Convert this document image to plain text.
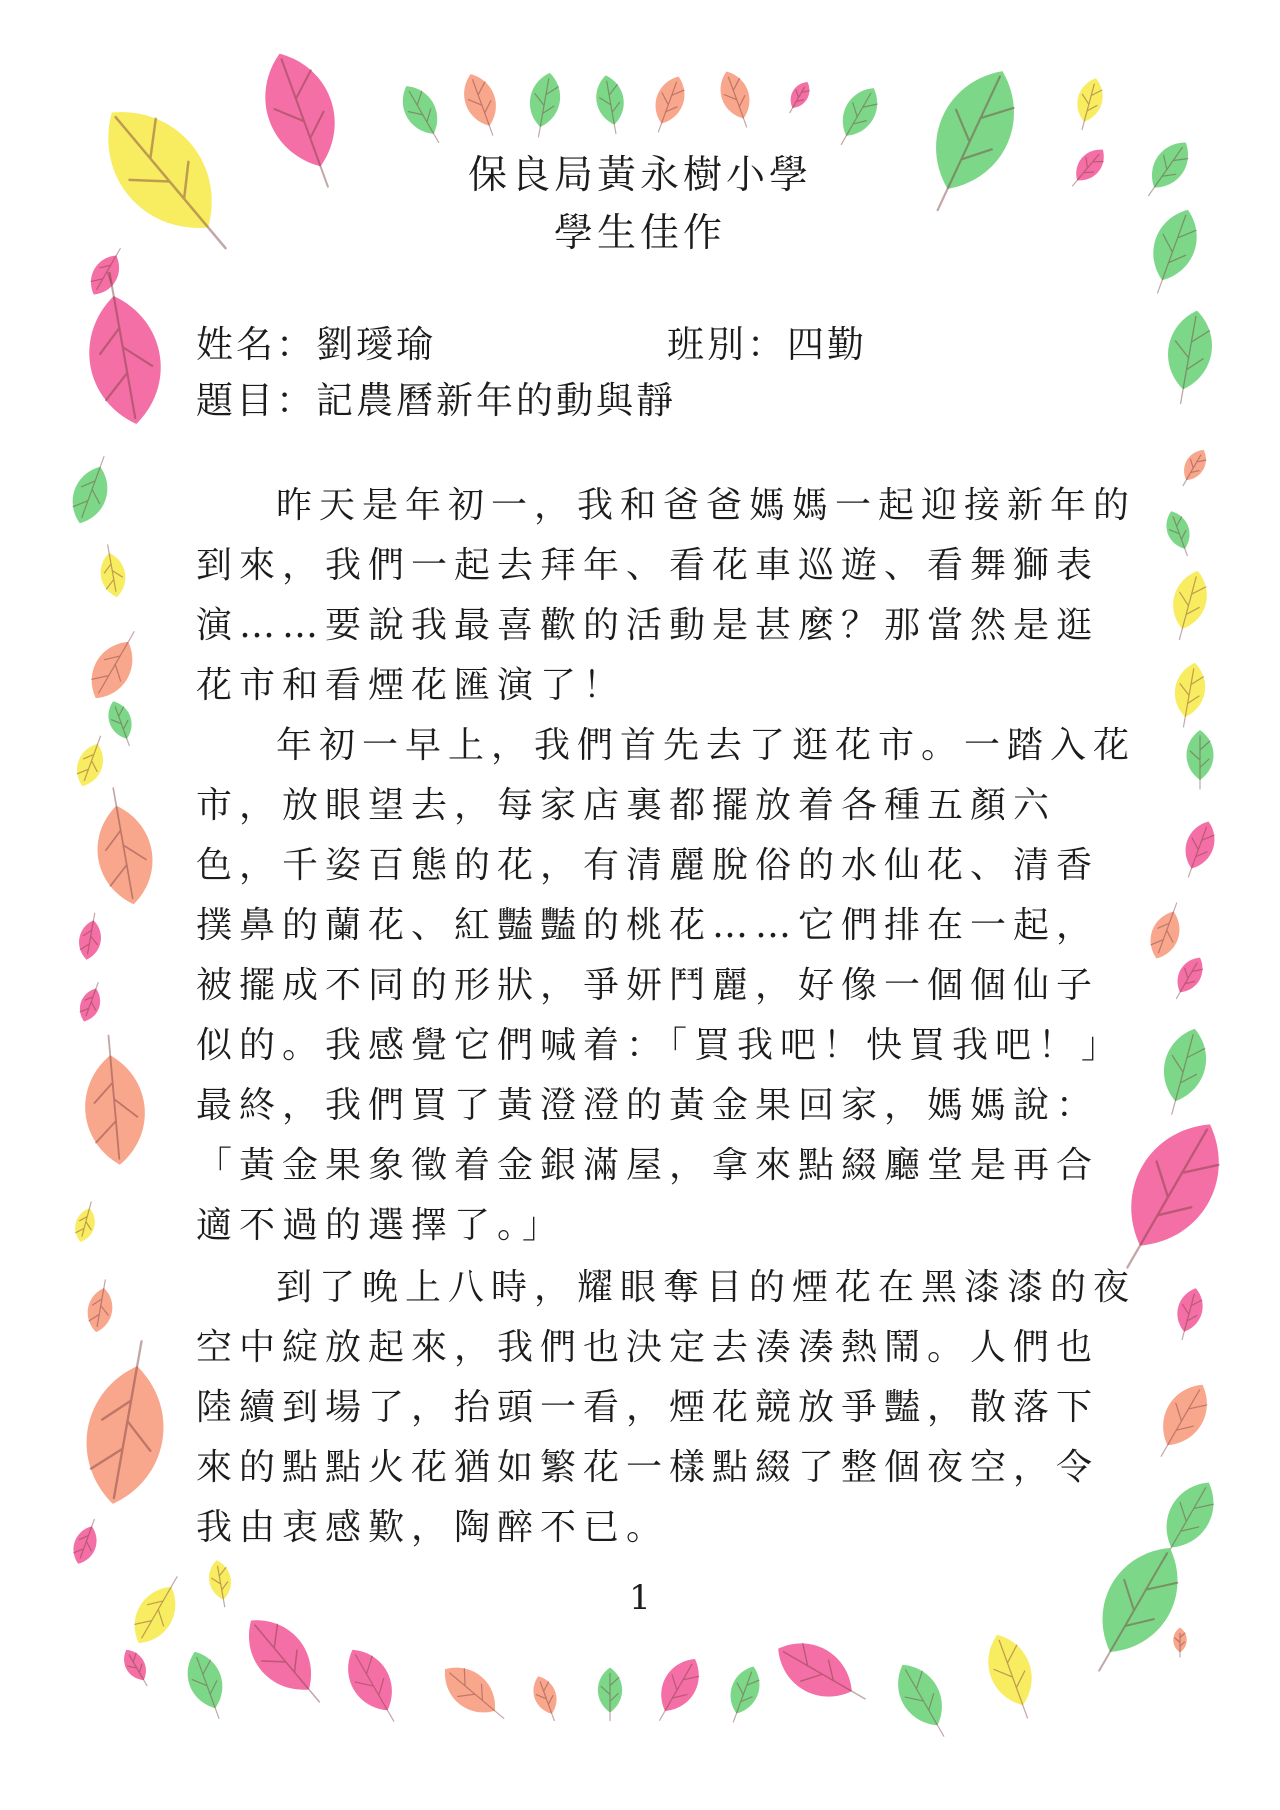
保良局黃永樹小學
學生佳作
姓名：劉璦瑜	班別：四勤
題目：記農曆新年的動與靜

昨天是年初一，我和爸爸媽媽一起迎接新年的到來，我們一起去拜年、看花車巡遊、看舞獅表演……要說我最喜歡的活動是甚麼？那當然是逛花市和看煙花匯演了！

年初一早上，我們首先去了逛花市。一踏入花市，放眼望去，每家店裏都擺放着各種五顏六色，千姿百態的花，有清麗脫俗的水仙花、清香撲鼻的蘭花、紅豔豔的桃花……它們排在一起，被擺成不同的形狀，爭妍鬥麗，好像一個個仙子似的。我感覺它們喊着：「買我吧！快買我吧！」最終，我們買了黃澄澄的黃金果回家，媽媽說：「黃金果象徵着金銀滿屋，拿來點綴廳堂是再合適不過的選擇了。」

到了晚上八時，耀眼奪目的煙花在黑漆漆的夜空中綻放起來，我們也決定去湊湊熱鬧。人們也陸續到場了，抬頭一看，煙花競放爭豔，散落下來的點點火花猶如繁花一樣點綴了整個夜空，令我由衷感歎，陶醉不已。

1
